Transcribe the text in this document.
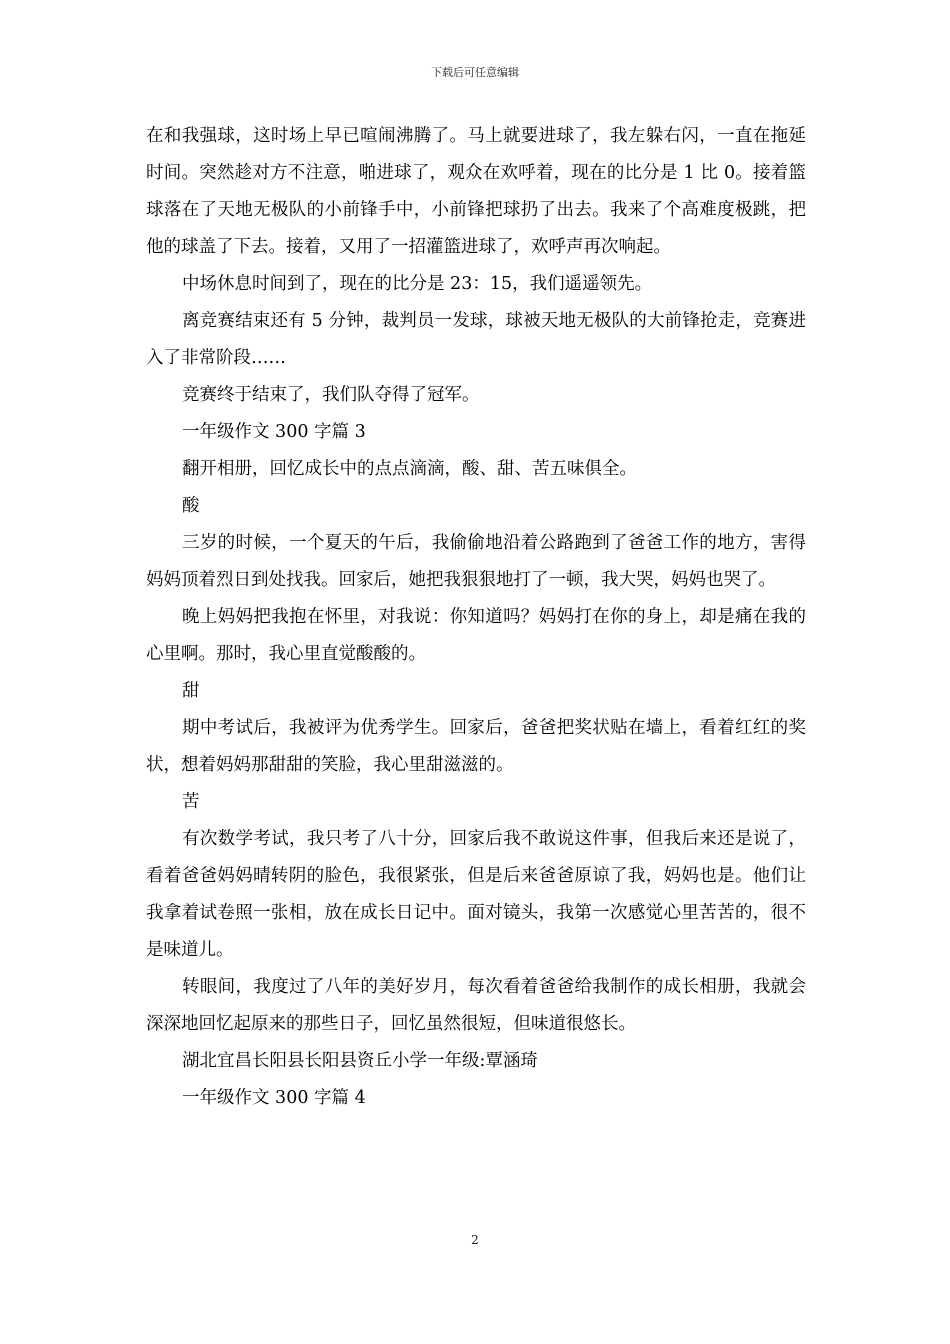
下载后可任意编辑

在和我强球，这时场上早已喧闹沸腾了。马上就要进球了，我左躲右闪，一直在拖延时间。突然趁对方不注意，啪进球了，观众在欢呼着，现在的比分是 1 比 0。接着篮球落在了天地无极队的小前锋手中，小前锋把球扔了出去。我来了个高难度极跳，把他的球盖了下去。接着，又用了一招灌篮进球了，欢呼声再次响起。

中场休息时间到了，现在的比分是 23：15，我们遥遥领先。

离竞赛结束还有 5 分钟，裁判员一发球，球被天地无极队的大前锋抢走，竞赛进入了非常阶段……

竞赛终于结束了，我们队夺得了冠军。

一年级作文 300 字篇 3

翻开相册，回忆成长中的点点滴滴，酸、甜、苦五味俱全。

酸

三岁的时候，一个夏天的午后，我偷偷地沿着公路跑到了爸爸工作的地方，害得妈妈顶着烈日到处找我。回家后，她把我狠狠地打了一顿，我大哭，妈妈也哭了。

晚上妈妈把我抱在怀里，对我说：你知道吗？妈妈打在你的身上，却是痛在我的心里啊。那时，我心里直觉酸酸的。

甜

期中考试后，我被评为优秀学生。回家后，爸爸把奖状贴在墙上，看着红红的奖状，想着妈妈那甜甜的笑脸，我心里甜滋滋的。

苦

有次数学考试，我只考了八十分，回家后我不敢说这件事，但我后来还是说了，看着爸爸妈妈晴转阴的脸色，我很紧张，但是后来爸爸原谅了我，妈妈也是。他们让我拿着试卷照一张相，放在成长日记中。面对镜头，我第一次感觉心里苦苦的，很不是味道儿。

转眼间，我度过了八年的美好岁月，每次看着爸爸给我制作的成长相册，我就会深深地回忆起原来的那些日子，回忆虽然很短，但味道很悠长。

湖北宜昌长阳县长阳县资丘小学一年级:覃涵琦

一年级作文 300 字篇 4

2
